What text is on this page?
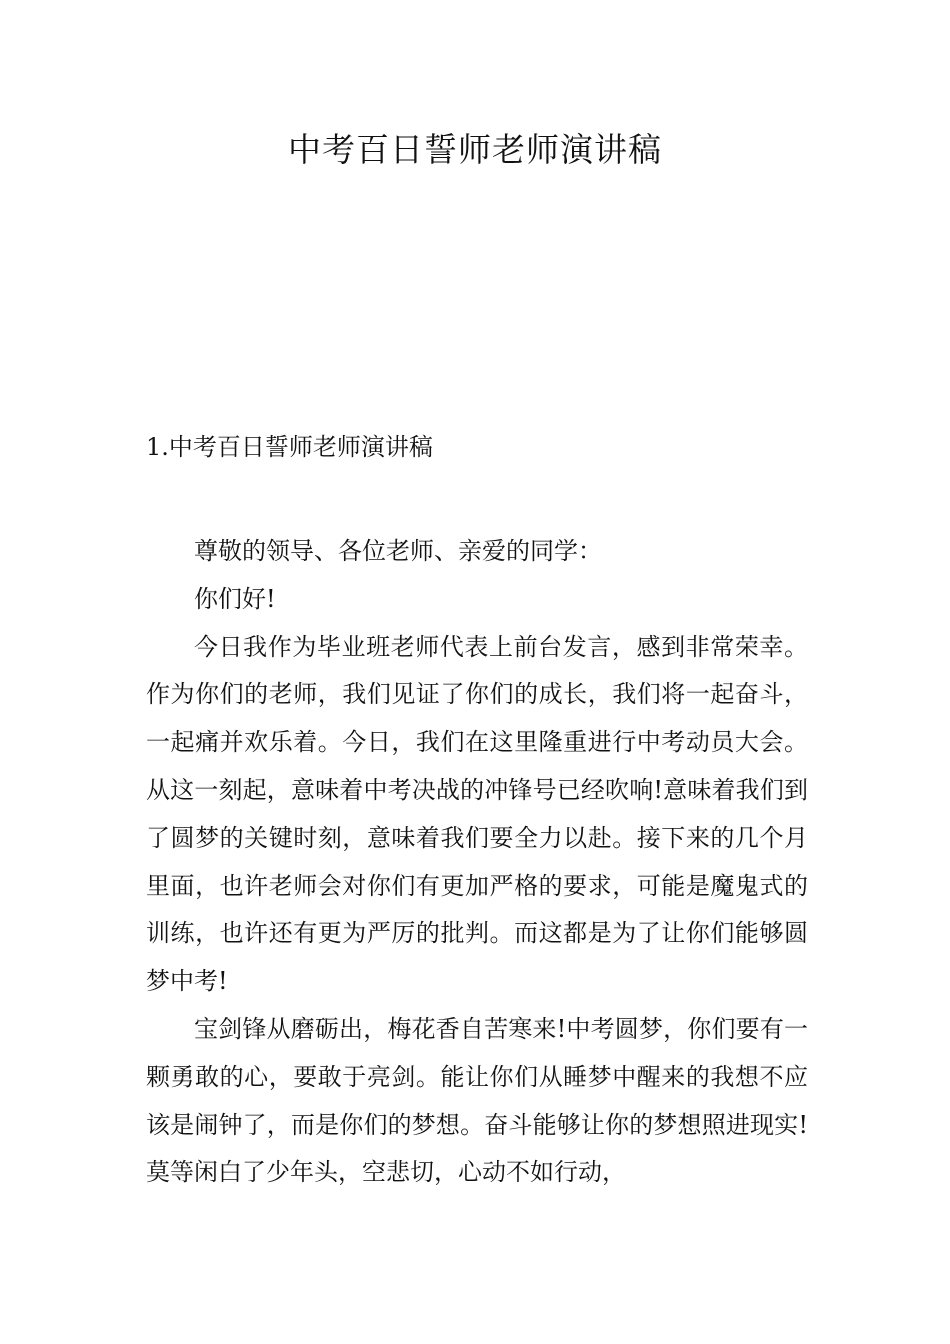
中考百日誓师老师演讲稿
1.中考百日誓师老师演讲稿

尊敬的领导、各位老师、亲爱的同学：

你们好!

今日我作为毕业班老师代表上前台发言，感到非常荣幸。作为你们的老师，我们见证了你们的成长，我们将一起奋斗，一起痛并欢乐着。今日，我们在这里隆重进行中考动员大会。从这一刻起，意味着中考决战的冲锋号已经吹响!意味着我们到了圆梦的关键时刻，意味着我们要全力以赴。接下来的几个月里面，也许老师会对你们有更加严格的要求，可能是魔鬼式的训练，也许还有更为严厉的批判。而这都是为了让你们能够圆梦中考!

宝剑锋从磨砺出，梅花香自苦寒来!中考圆梦，你们要有一颗勇敢的心，要敢于亮剑。能让你们从睡梦中醒来的我想不应该是闹钟了，而是你们的梦想。奋斗能够让你的梦想照进现实!莫等闲白了少年头，空悲切，心动不如行动，
